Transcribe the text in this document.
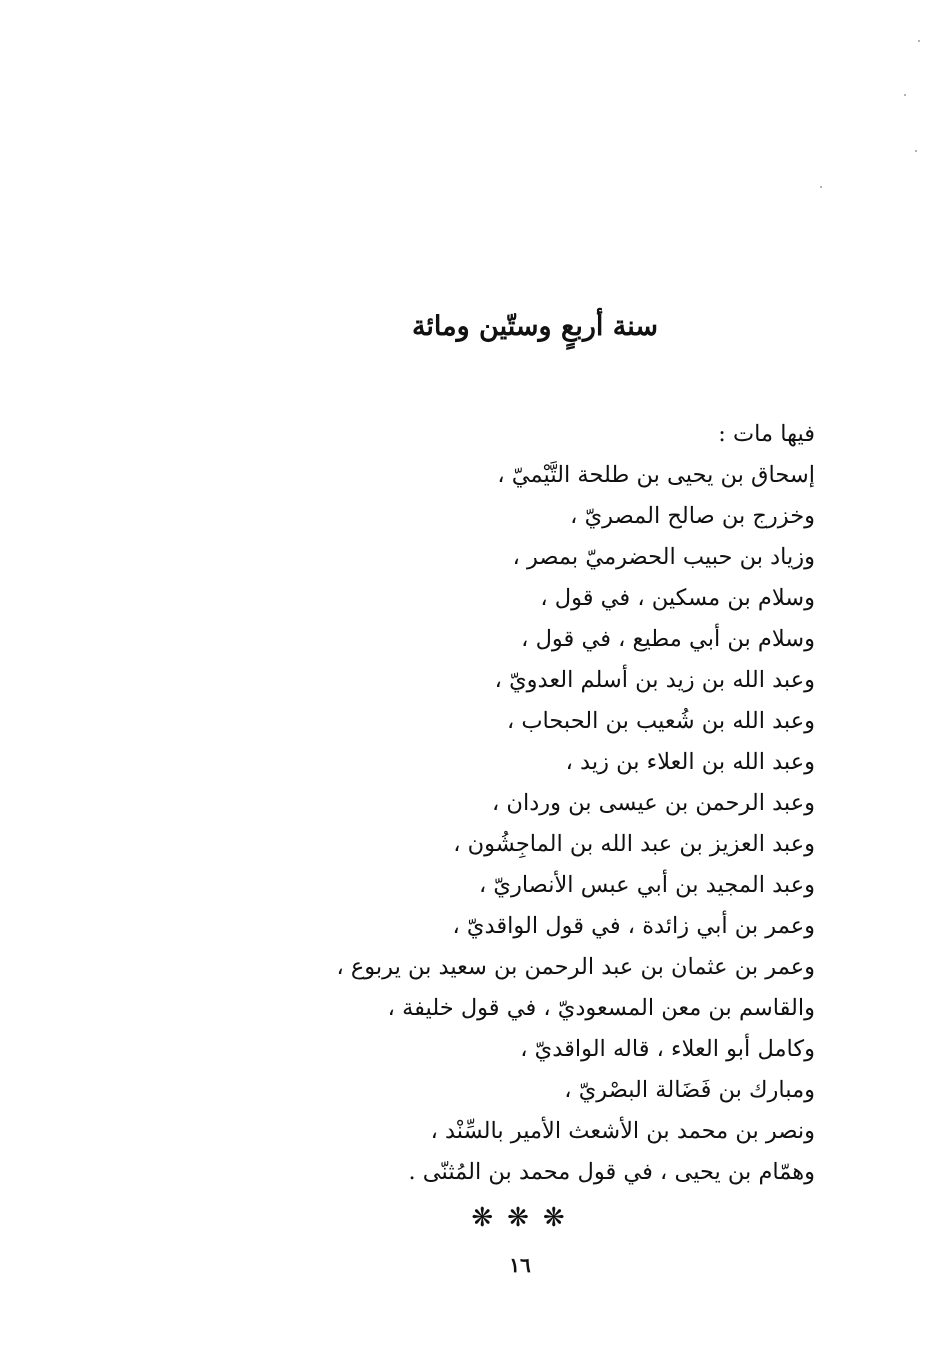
سنة أربعٍ وستّين ومائة
فيها مات :
إسحاق بن يحيى بن طلحة التَّيْميّ ،
وخزرج بن صالح المصريّ ،
وزياد بن حبيب الحضرميّ بمصر ،
وسلام بن مسكين ، في قول ،
وسلام بن أبي مطيع ، في قول ،
وعبد الله بن زيد بن أسلم العدويّ ،
وعبد الله بن شُعيب بن الحبحاب ،
وعبد الله بن العلاء بن زيد ،
وعبد الرحمن بن عيسى بن وردان ،
وعبد العزيز بن عبد الله بن الماجِشُون ،
وعبد المجيد بن أبي عبس الأنصاريّ ،
وعمر بن أبي زائدة ، في قول الواقديّ ،
وعمر بن عثمان بن عبد الرحمن بن سعيد بن يربوع ،
والقاسم بن معن المسعوديّ ، في قول خليفة ،
وكامل أبو العلاء ، قاله الواقديّ ،
ومبارك بن فَضَالة البصْريّ ،
ونصر بن محمد بن الأشعث الأمير بالسِّنْد ،
وهمّام بن يحيى ، في قول محمد بن المُثنّى .
❋❋❋
١٦
